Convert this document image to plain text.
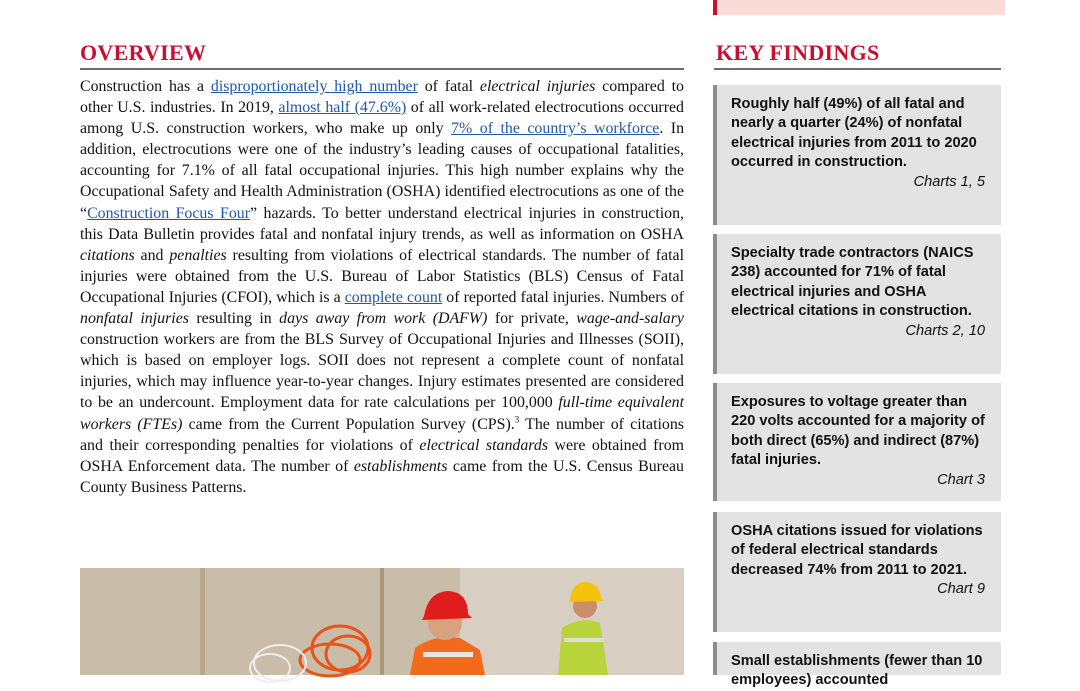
OVERVIEW

Construction has a disproportionately high number of fatal electrical injuries compared to other U.S. industries. In 2019, almost half (47.6%) of all work-related electrocutions occurred among U.S. construction workers, who make up only 7% of the country’s workforce. In addition, electrocutions were one of the industry’s leading causes of occupational fatalities, accounting for 7.1% of all fatal occupational injuries. This high number explains why the Occupational Safety and Health Administration (OSHA) identified electrocutions as one of the “Construction Focus Four” hazards. To better understand electrical injuries in construction, this Data Bulletin provides fatal and nonfatal injury trends, as well as information on OSHA citations and penalties resulting from violations of electrical standards. The number of fatal injuries were obtained from the U.S. Bureau of Labor Statistics (BLS) Census of Fatal Occupational Injuries (CFOI), which is a complete count of reported fatal injuries. Numbers of nonfatal injuries resulting in days away from work (DAFW) for private, wage-and-salary construction workers are from the BLS Survey of Occupational Injuries and Illnesses (SOII), which is based on employer logs. SOII does not represent a complete count of nonfatal injuries, which may influence year-to-year changes. Injury estimates presented are considered to be an undercount. Employment data for rate calculations per 100,000 full-time equivalent workers (FTEs) came from the Current Population Survey (CPS).$^3$ The number of citations and their corresponding penalties for violations of electrical standards were obtained from OSHA Enforcement data. The number of establishments came from the U.S. Census Bureau County Business Patterns.

KEY FINDINGS

Roughly half (49%) of all fatal and nearly a quarter (24%) of nonfatal electrical injuries from 2011 to 2020 occurred in construction.

Charts 1, 5

Specialty trade contractors (NAICS 238) accounted for 71% of fatal electrical injuries and OSHA electrical citations in construction.

Charts 2, 10

Exposures to voltage greater than 220 volts accounted for a majority of both direct (65%) and indirect (87%) fatal injuries.

Chart 3

OSHA citations issued for violations of federal electrical standards decreased 74% from 2011 to 2021.

Chart 9

Small establishments (fewer than 10 employees) accounted
